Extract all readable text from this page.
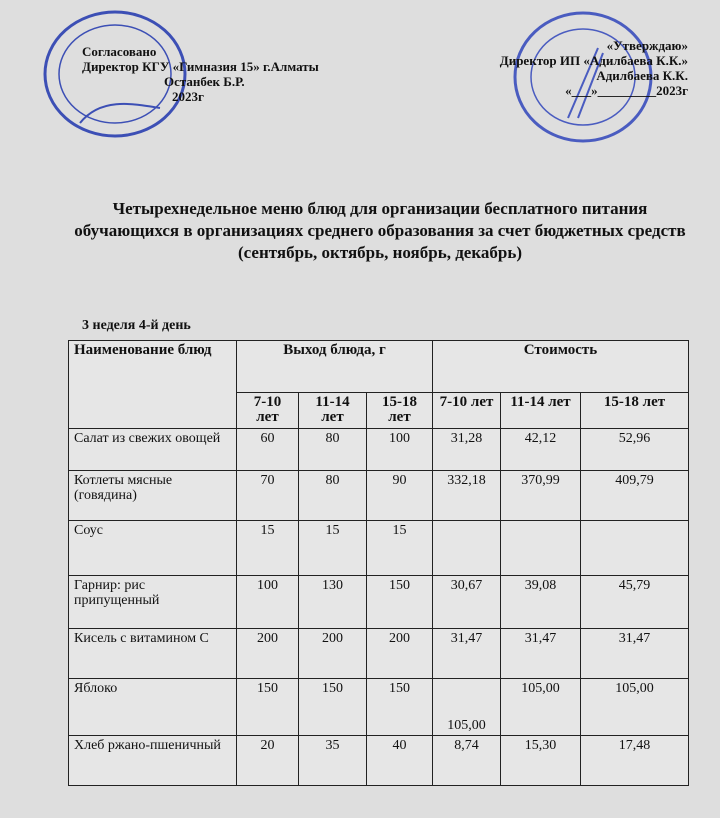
Согласовано
Директор КГУ «Гимназия 15» г.Алматы
Останбек Б.Р.
2023г
«Утверждаю»
Директор ИП «Адилбаева К.К.»
Адилбаева К.К.
«___»_________2023г
Четырехнедельное меню блюд для организации бесплатного питания обучающихся в организациях среднего образования за счет бюджетных средств (сентябрь, октябрь, ноябрь, декабрь)
3 неделя 4-й день
Наименование блюд	Выход блюда, г			Стоимость		
	7-10 лет	11-14 лет	15-18 лет	7-10 лет	11-14 лет	15-18 лет
Салат из свежих овощей	60	80	100	31,28	42,12	52,96
Котлеты мясные (говядина)	70	80	90	332,18	370,99	409,79
Соус	15	15	15			
Гарнир: рис припущенный	100	130	150	30,67	39,08	45,79
Кисель с витамином С	200	200	200	31,47	31,47	31,47
Яблоко	150	150	150	105,00	105,00	105,00
Хлеб ржано-пшеничный	20	35	40	8,74	15,30	17,48
